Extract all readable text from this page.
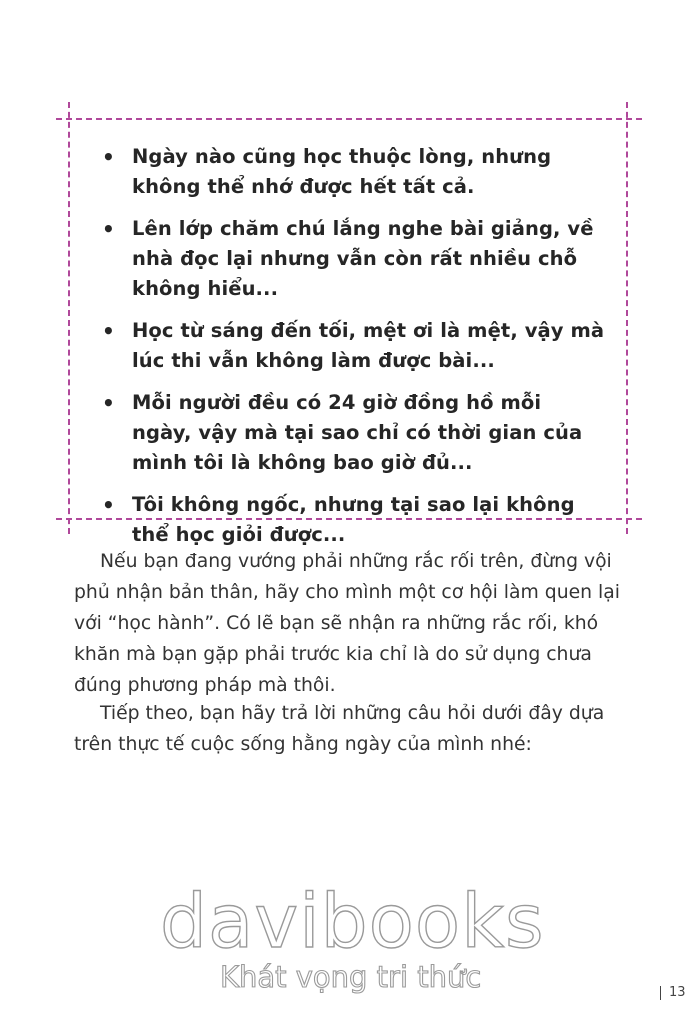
• Ngày nào cũng học thuộc lòng, nhưng không thể nhớ được hết tất cả.
• Lên lớp chăm chú lắng nghe bài giảng, về nhà đọc lại nhưng vẫn còn rất nhiều chỗ không hiểu...
• Học từ sáng đến tối, mệt ơi là mệt, vậy mà lúc thi vẫn không làm được bài...
• Mỗi người đều có 24 giờ đồng hồ mỗi ngày, vậy mà tại sao chỉ có thời gian của mình tôi là không bao giờ đủ...
• Tôi không ngốc, nhưng tại sao lại không thể học giỏi được...

Nếu bạn đang vướng phải những rắc rối trên, đừng vội phủ nhận bản thân, hãy cho mình một cơ hội làm quen lại với “học hành”. Có lẽ bạn sẽ nhận ra những rắc rối, khó khăn mà bạn gặp phải trước kia chỉ là do sử dụng chưa đúng phương pháp mà thôi.

Tiếp theo, bạn hãy trả lời những câu hỏi dưới đây dựa trên thực tế cuộc sống hằng ngày của mình nhé:

davibooks
Khát vọng tri thức	13
